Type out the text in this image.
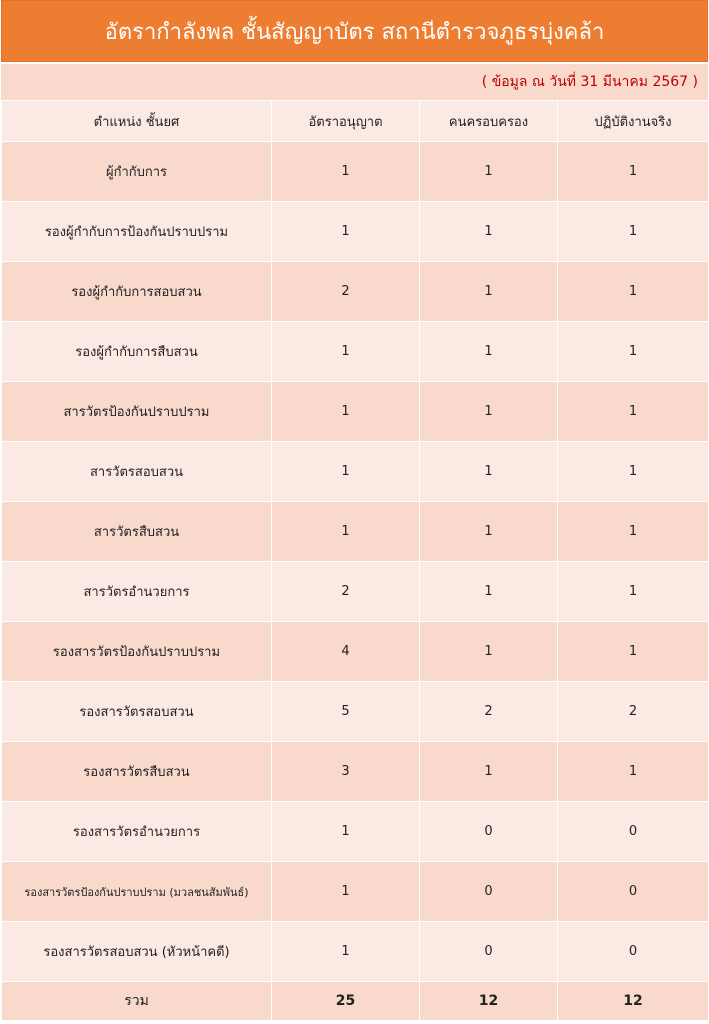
อัตรากำลังพล ชั้นสัญญาบัตร สถานีตำรวจภูธรบุ่งคล้า
( ข้อมูล ณ วันที่ 31 มีนาคม 2567 )
ตำแหน่ง ชั้นยศ	อัตราอนุญาต	คนครอบครอง	ปฏิบัติงานจริง
ผู้กำกับการ	1	1	1
รองผู้กำกับการป้องกันปราบปราม	1	1	1
รองผู้กำกับการสอบสวน	2	1	1
รองผู้กำกับการสืบสวน	1	1	1
สารวัตรป้องกันปราบปราม	1	1	1
สารวัตรสอบสวน	1	1	1
สารวัตรสืบสวน	1	1	1
สารวัตรอำนวยการ	2	1	1
รองสารวัตรป้องกันปราบปราม	4	1	1
รองสารวัตรสอบสวน	5	2	2
รองสารวัตรสืบสวน	3	1	1
รองสารวัตรอำนวยการ	1	0	0
รองสารวัตรป้องกันปราบปราม (มวลชนสัมพันธ์)	1	0	0
รองสารวัตรสอบสวน (หัวหน้าคดี)	1	0	0
รวม	25	12	12
